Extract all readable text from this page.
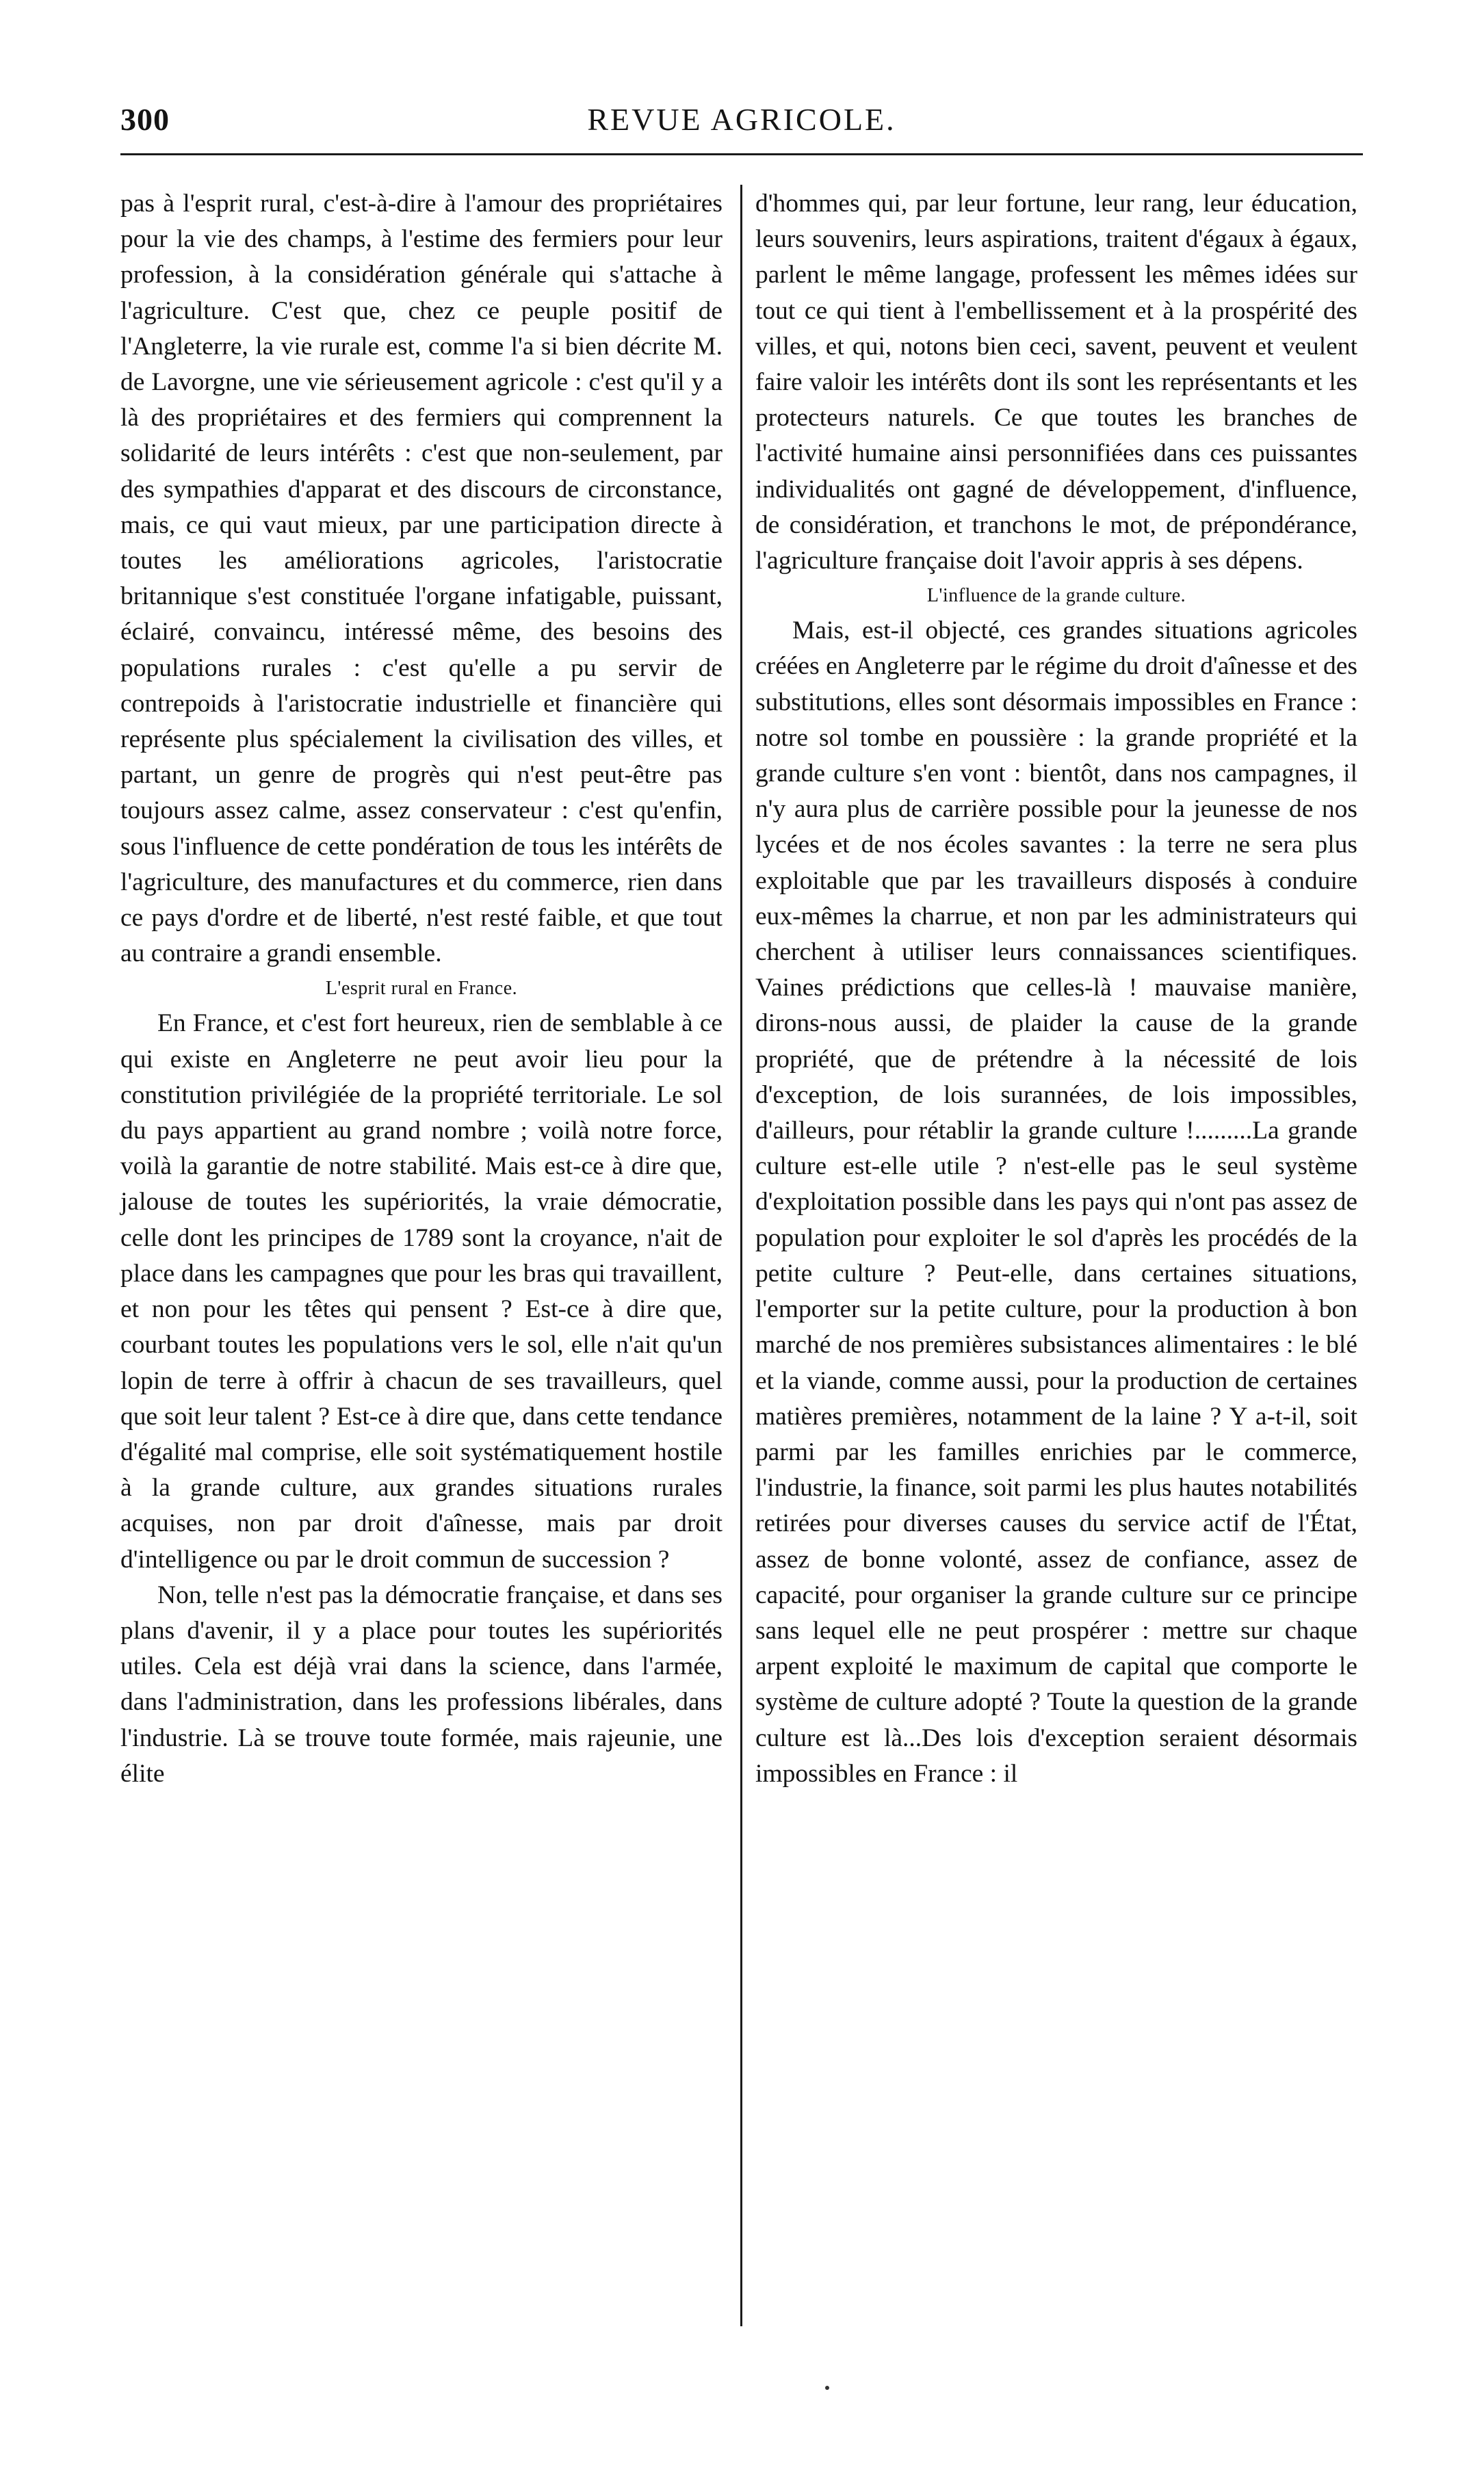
300	REVUE AGRICOLE.

pas à l'esprit rural, c'est-à-dire à l'amour des propriétaires pour la vie des champs, à l'estime des fermiers pour leur profession, à la considération générale qui s'attache à l'agriculture. C'est que, chez ce peuple positif de l'Angleterre, la vie rurale est, comme l'a si bien décrite M. de Lavorgne, une vie sérieusement agricole : c'est qu'il y a là des propriétaires et des fermiers qui comprennent la solidarité de leurs intérêts : c'est que non-seulement, par des sympathies d'apparat et des discours de circonstance, mais, ce qui vaut mieux, par une participation directe à toutes les améliorations agricoles, l'aristocratie britannique s'est constituée l'organe infatigable, puissant, éclairé, convaincu, intéressé même, des besoins des populations rurales : c'est qu'elle a pu servir de contrepoids à l'aristocratie industrielle et financière qui représente plus spécialement la civilisation des villes, et partant, un genre de progrès qui n'est peut-être pas toujours assez calme, assez conservateur : c'est qu'enfin, sous l'influence de cette pondération de tous les intérêts de l'agriculture, des manufactures et du commerce, rien dans ce pays d'ordre et de liberté, n'est resté faible, et que tout au contraire a grandi ensemble.

L'esprit rural en France.

En France, et c'est fort heureux, rien de semblable à ce qui existe en Angleterre ne peut avoir lieu pour la constitution privilégiée de la propriété territoriale. Le sol du pays appartient au grand nombre ; voilà notre force, voilà la garantie de notre stabilité. Mais est-ce à dire que, jalouse de toutes les supériorités, la vraie démocratie, celle dont les principes de 1789 sont la croyance, n'ait de place dans les campagnes que pour les bras qui travaillent, et non pour les têtes qui pensent ? Est-ce à dire que, courbant toutes les populations vers le sol, elle n'ait qu'un lopin de terre à offrir à chacun de ses travailleurs, quel que soit leur talent ? Est-ce à dire que, dans cette tendance d'égalité mal comprise, elle soit systématiquement hostile à la grande culture, aux grandes situations rurales acquises, non par droit d'aînesse, mais par droit d'intelligence ou par le droit commun de succession ?

Non, telle n'est pas la démocratie française, et dans ses plans d'avenir, il y a place pour toutes les supériorités utiles. Cela est déjà vrai dans la science, dans l'armée, dans l'administration, dans les professions libérales, dans l'industrie. Là se trouve toute formée, mais rajeunie, une élite

d'hommes qui, par leur fortune, leur rang, leur éducation, leurs souvenirs, leurs aspirations, traitent d'égaux à égaux, parlent le même langage, professent les mêmes idées sur tout ce qui tient à l'embellissement et à la prospérité des villes, et qui, notons bien ceci, savent, peuvent et veulent faire valoir les intérêts dont ils sont les représentants et les protecteurs naturels. Ce que toutes les branches de l'activité humaine ainsi personnifiées dans ces puissantes individualités ont gagné de développement, d'influence, de considération, et tranchons le mot, de prépondérance, l'agriculture française doit l'avoir appris à ses dépens.

L'influence de la grande culture.

Mais, est-il objecté, ces grandes situations agricoles créées en Angleterre par le régime du droit d'aînesse et des substitutions, elles sont désormais impossibles en France : notre sol tombe en poussière : la grande propriété et la grande culture s'en vont : bientôt, dans nos campagnes, il n'y aura plus de carrière possible pour la jeunesse de nos lycées et de nos écoles savantes : la terre ne sera plus exploitable que par les travailleurs disposés à conduire eux-mêmes la charrue, et non par les administrateurs qui cherchent à utiliser leurs connaissances scientifiques. Vaines prédictions que celles-là ! mauvaise manière, dirons-nous aussi, de plaider la cause de la grande propriété, que de prétendre à la nécessité de lois d'exception, de lois surannées, de lois impossibles, d'ailleurs, pour rétablir la grande culture !.........La grande culture est-elle utile ? n'est-elle pas le seul système d'exploitation possible dans les pays qui n'ont pas assez de population pour exploiter le sol d'après les procédés de la petite culture ? Peut-elle, dans certaines situations, l'emporter sur la petite culture, pour la production à bon marché de nos premières subsistances alimentaires : le blé et la viande, comme aussi, pour la production de certaines matières premières, notamment de la laine ? Y a-t-il, soit parmi par les familles enrichies par le commerce, l'industrie, la finance, soit parmi les plus hautes notabilités retirées pour diverses causes du service actif de l'État, assez de bonne volonté, assez de confiance, assez de capacité, pour organiser la grande culture sur ce principe sans lequel elle ne peut prospérer : mettre sur chaque arpent exploité le maximum de capital que comporte le système de culture adopté ? Toute la question de la grande culture est là...Des lois d'exception seraient désormais impossibles en France : il
